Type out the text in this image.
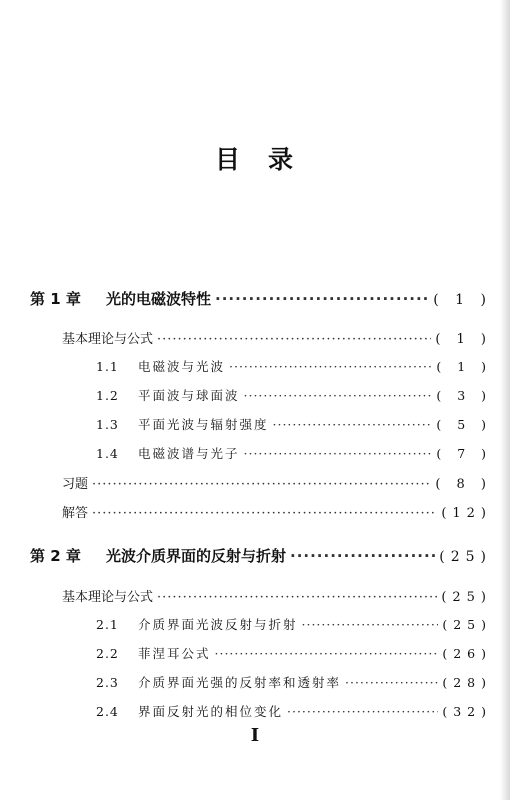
目 录
第 1 章	光的电磁波特性 ·····	( 1 )
基本理论与公式 ·····	( 1 )
1.1	电磁波与光波 ·····	( 1 )
1.2	平面波与球面波 ·····	( 3 )
1.3	平面光波与辐射强度 ·····	( 5 )
1.4	电磁波谱与光子 ·····	( 7 )
习题 ·····	( 8 )
解答 ·····	(12)
第 2 章	光波介质界面的反射与折射 ·····	(25)
基本理论与公式 ·····	(25)
2.1	介质界面光波反射与折射 ·····	(25)
2.2	菲涅耳公式 ·····	(26)
2.3	介质界面光强的反射率和透射率 ·····	(28)
2.4	界面反射光的相位变化 ·····	(32)
I
